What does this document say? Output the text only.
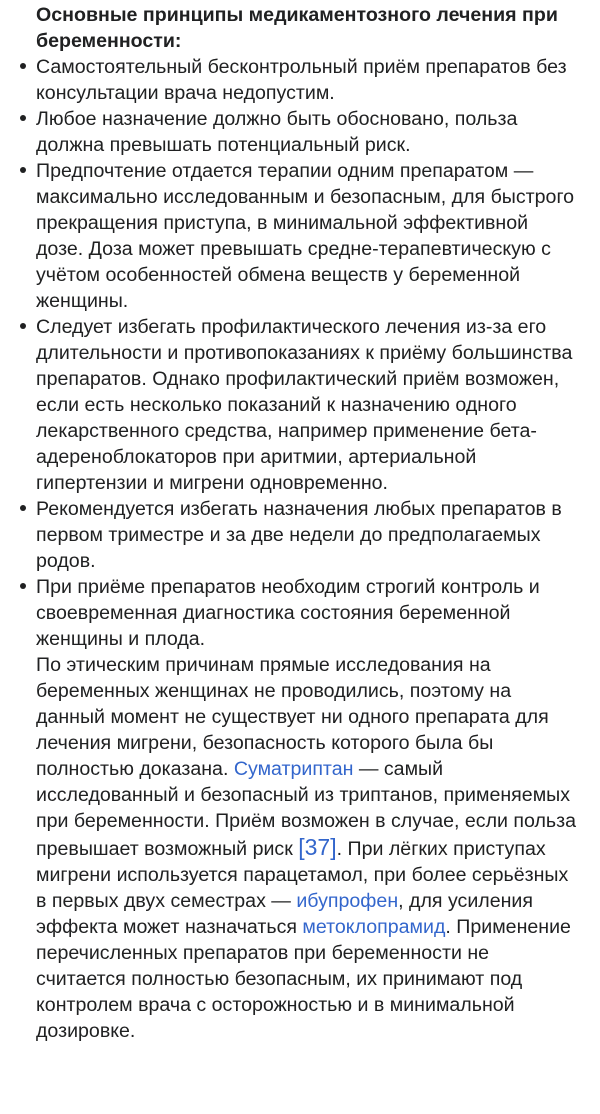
Основные принципы медикаментозного лечения при беременности:

Самостоятельный бесконтрольный приём препаратов без консультации врача недопустим.
Любое назначение должно быть обосновано, польза должна превышать потенциальный риск.
Предпочтение отдается терапии одним препаратом — максимально исследованным и безопасным, для быстрого прекращения приступа, в минимальной эффективной дозе. Доза может превышать средне-терапевтическую с учётом особенностей обмена веществ у беременной женщины.
Следует избегать профилактического лечения из-за его длительности и противопоказаниях к приёму большинства препаратов. Однако профилактический приём возможен, если есть несколько показаний к назначению одного лекарственного средства, например применение бета-адереноблокаторов при аритмии, артериальной гипертензии и мигрени одновременно.
Рекомендуется избегать назначения любых препаратов в первом триместре и за две недели до предполагаемых родов.
При приёме препаратов необходим строгий контроль и своевременная диагностика состояния беременной женщины и плода.
По этическим причинам прямые исследования на беременных женщинах не проводились, поэтому на данный момент не существует ни одного препарата для лечения мигрени, безопасность которого была бы полностью доказана. Суматриптан — самый исследованный и безопасный из триптанов, применяемых при беременности. Приём возможен в случае, если польза превышает возможный риск [37]. При лёгких приступах мигрени используется парацетамол, при более серьёзных в первых двух семестрах — ибупрофен, для усиления эффекта может назначаться метоклопрамид. Применение перечисленных препаратов при беременности не считается полностью безопасным, их принимают под контролем врача с осторожностью и в минимальной дозировке.
